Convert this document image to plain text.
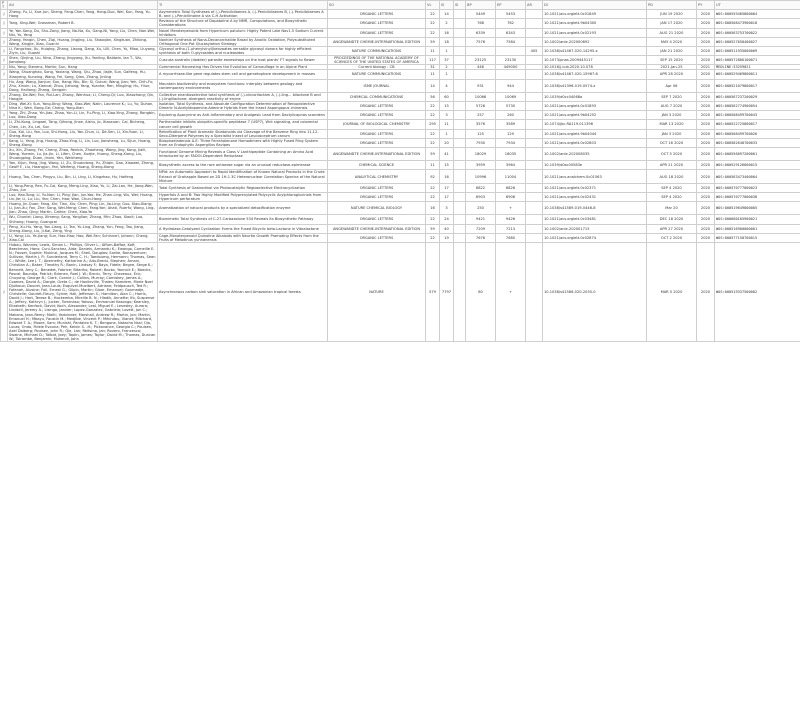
PT	AU	TI	SO	VL	IS	SI	BP	EP	AR	DI	PD	PY	UT
J	Zheng, Yu, Li, Xue-Jun, Sheng, Feng-Chen, Yang, Hong-Duo, Wei, Kun, Yang, Yu-Hong	Asymmetric Total Syntheses of (-)-Penicibilaenes A, (-)-Penicibilaenes B, (-)-Penicibilaenes A B, and (-)-Penicillinaine A via C-H Activation	ORGANIC LETTERS	22	14		5449	5453		10.1021/acs.orglett.0c01849	JUN 19 2020	2020	WOS:000559485800004
J	Tang, Xing-Wei; Grossman, Robert B.	Revision of the Structure of Dopatoline A by NMR, Computations, and Biosynthetic Considerations	ORGANIC LETTERS	22	2		768	762		10.1021/acs.orglett.9b04300	JAN 17 2020	2020	WOS:000508473900018
J	Ye, Yan-Song, Du, Shu-Zong, Jiang, Na-Na, Xu, Gang-Ni, Yang, Liu, Chen, Nan-Wei, Niu, Yu, Yang	Novel Meroterpenoids from Hypericum patulum: Highly Potent Late Nav1.5 Sodium Current Inhibitors	ORGANIC LETTERS	22	16		6339	6343		10.1021/acs.orglett.0c02193	AUG 21 2020	2020	WOS:000563753700022
J	Zhang, Yanqin, Chen, Ziqi, Huang, Jingjing, Liu, Shaoqian, Xingkuan, Zhibing, Wang, Xingjie, Xiao, Guanhi	Nonhier Synthesis of Nona-Decanorchalide Broad by Anodic Oxidation, Polysubstituted Orthogonal One-Pot Glucosylation Strategy	ANGEWANDTE CHEMIE-INTERNATIONAL EDITION	59	18		7576	7584		10.1002/anie.202000692	MAY 4 2020	2020	WOS:000527658400027
J	Li, Fangchao, Xu, Huiqing, Zhang, Lisong, Dang, Xu, Lilli, Chen, Yu, Miao, Liuyang, Ziyin, Liu, Guoshi	Glycosyl ortho-(1-phenylvinyl)benzoates versatile glycosyl donors for highly efficient synthesis of both O-glycosides and nucleosides	NATURE COMMUNICATIONS	11	1				405	10.1038/s41467-020-14295-x	JAN 21 2020	2020	WOS:000511935000009
J	Shen, Qinjing, Liu, Nina, Zhang, Jingyong, Xu, Yanling, Baldwin, Ian T., Wu, Jianqiang	Cuscuta australis (dodder) parasite eavesdrops on the host plants' FT signals to flower	PROCEEDINGS OF THE NATIONAL ACADEMY OF SCIENCES OF THE UNITED STATES OF AMERICA	117	37		23125	23130		10.1073/pnas.2009445117	SEP 15 2020	2020	WOS:000572806100071
J	Niu, Yang; Stevens, Martin; Sun, Hang	Commercial Harvesting Has Driven the Evolution of Camouflage in an Alpine Plant	Current biology : CB	31	2		446	449000		10.1016/j.cub.2020.10.078	2021-Jan-25	2021	MEDLINE:33259021
J	Wang, Shuanghao, Song, Yaxiang, Wang, Qiu, Zhao, Jiajie, Sun, Gaifeng, Hu, Xiaoyeng, Kunxing, Wang, Fei, Song, Qian, Zhang, Jinling	A mycorrhizae-like gene regulates stem cell and gametophore development in mosses	NATURE COMMUNICATIONS	11	1					10.1038/s41467-020-15967-6	APR 28 2020	2020	WOS:000529469800011
J	Hu, Ang; Wang, Jianjun; Sun, Hang; Niu, Bin; Si, Guicai; Wang, Jian; Yeh, Chih-Fu; Zhu, Xinxin; Lu, Xiancai; Zhou, Jizhong; Yang, Yuanhe; Ren, Mingling; Hu, Yilun; Dong, Hailiang; Zhang, Gengxin	Mountain biodiversity and ecosystem functions: interplay between geology and contemporary environments	ISME JOURNAL	14	4		931	944		10.1038/s41396-019-0574-x	Apr 06	2020	WOS:000521079800017
J	Zhang, De-Wei; Fan, Rui-Lan; Zhang, Wenhua; Li, Cheng-Qi; Luo, Xiaozhong; Qin, Hongjie	Collective enantioselective total synthesis of (-)-vincorilactam A, (-)-ling... bilactone B and (-)-linglilactone: divergent reactivity of enyne	CHEMICAL COMMUNICATIONS	56	60		10066	10069		10.1039/d0cc04068a	SEP 7 2020	2020	WOS:000567237200029
J	Ding, Wei-Xi; Sun, Yong-Xing; Wang, Xiao-Wei; Nalin, Laurence K.; Lu, Yu; Duhan, Nina K.; Wen, Bong-Ge; Cheng, Yong-Xian	Isolation, Total Synthesis, and Absolute Configuration Determination of Renoprotective Dimeric N-Acetyldopamine-Adenine Hybrids from the Insect Aspongopus chinensis	ORGANIC LETTERS	22	15		5726	5730		10.1021/acs.orglett.0c01893	AUG 7 2020	2020	WOS:000562774900054
J	Yang, Zhi, Zhao, Yin-Jiao, Zhao, Yun-Li, Lin, Fu-Ping, Li, Xiao-Ying, Zhang, Rongbin, Luo, Xiao-Dong	Exploring Apocynine as Anti-Inflammatory and Analgesic Lead from Dactylicapnos scandens	ORGANIC LETTERS	22	3		257	260		10.1021/acs.orglett.9b04252	JAN 3 2020	2020	WOS:000508499700043
J	Li, Zhi-Kong, Lingwei, Tang, Qihong, Jinxe, Aishu, Jo, Xiaoxuan, Cai, Bicheng, Chen, Lin, Xu, Lei, Sun	Parthenolide inhibits ubiquitin-specific peptidase 7 (USP7), Wnt signaling, and colorectal cancer cell growth	JOURNAL OF BIOLOGICAL CHEMISTRY	295	11		3576	3589		10.1074/jbc.RA119.011396	MAR 13 2020	2020	WOS:000522725800017
J	Guo, Kai, Liu, Yan, Luo, Shi-Hong, Liu, Yan-Chun, Li, De-Sen, Li, Xin-Yuan, Li, Sheng-Hong	Retrofication of Plant Aromatic Sklatonoids via Cleavage of the Benzene Ring into 11,12-Seco-Diterpene Polyenes by a Specialist Insect of Leucosceptrum canum	ORGANIC LETTERS	22	1		125	129		10.1021/acs.orglett.9b04044	JAN 3 2020	2020	WOS:000508499700026
J	Kang, Li, Yang, Jing, Huang, Zhao-Ying, Li, Lin, Luo, Jiansheng, Lu, Sijun, Huang, Sheng-Xiong	Biosphaeladenols A-E: Three Ferrahalenone Homodimers with Highly Fused Ring System from an Endophytic Aspergillus flavipes	ORGANIC LETTERS	22	20		7930	7934		10.1021/acs.orglett.0c02803	OCT 16 2020	2020	WOS:000582648700033
J	Xu, Xin, Zhang, Fei, Cheng, Zhao, Renbin, Zhaoheng, Wang, Jing, Kong, Jialli, Wang, Yuemin, Lu, Jia-Jin, Li, Lifen, Chen, Xuejie, Huang, Sheng-Xiong, Liu, Shuangping, Duan, Jinxin, Yan, Weicheng	Functional Genome Mining Reveals a Class V Lanthipeptide Containing an Amino Acid Introduced by an FADOI-Dependent Reductase	ANGEWANDTE CHEMIE-INTERNATIONAL EDITION	59	41		18029	18035		10.1002/anie.202008035	OCT 5 2020	2020	WOS:000556097200001
J	Yan, Xijun, Yang, Jing, Wang, Li, Zu, Shuandong, Yu, Zhiqin, Gao, Xiaowei, Zheng, Geoff F., Liu, Hoangjun, Yan, Weifeng, Huang, Sheng-Xiong	Biosynthetic access to the rare antiarose sugar via an unusual reductase-epimerase	CHEMICAL SCIENCE	11	15		3959	3964		10.1039/d0sc00583e	APR 21 2020	2020	WOS:000529126600015
J	Huang, Tao, Chen, Pingyu, Liu, Bin, Li, Ling, Li, Kingzhao, Hu, Haifeng	NPid: an Automatic Approach to Rapid Identification of Known Natural Products in the Crude Extract of Grahapple Based on 2D 1H-1 3C Heteronuclear Correlation Spectra of the Natural Mixture	ANALYTICAL CHEMISTRY	92	16		10996	11004		10.1021/acs.analchem.0c01563	AUG 18 2020	2020	WOS:000563473400004
J	Li, Yong-Peng, Ren, Fu-Cai, Kang, Meng-Ling, Xiao, Yu, Li, Zai-Lan, He, Jiang-Wen, Zhou, Jun	Total Synthesis of Gastrodinol via Photocatalytic Regioselective Electrocyclization	ORGANIC LETTERS	22	17		6822	6826		10.1021/acs.orglett.0c02371	SEP 4 2020	2020	WOS:000570777000023
J	Luo, Hao-Tong; Li, Yu-Nan; Li, Ping; Jian, Jun-Yao; He, Zhan-Ling; Wu, Wei; Huang, Lin-Jie; Li, Lu; Liu, Yan; Chen, Hao; Wan, Chun-Hong	Hyperfols A and B: Two Highly Modified Polyprenylated Polycyclic Acylphloroglucinols from Hypericum perforatum	ORGANIC LETTERS	22	17		6903	6906		10.1021/acs.orglett.0c02431	SEP 4 2020	2020	WOS:000570777000038
J	Huang, Jin-Quan; Fang, Xin; Tian, Xiu; Chen, Ping; Lin, Jia-Ling; Guo, Xiao-Xiang; Li, Jian-Xu; Fan, Zhe; Song, Wei-Meng; Chen, Fang-Yan; Ahati, Ruerfu; Wang, Ling-Jian; Zhao, Qing; Martin, Cathie; Chen, Xiao-Ya	Aromatization of natural products by a specialized detoxification enzyme	NATURE CHEMICAL BIOLOGY	16	3		250	+		10.1038/s41589-019-0446-8	Mar 20	2020	WOS:000519649800005
J	Wu, Chunlei; Liang, Ximeng; Sang, Yonglian; Zhang, Min; Zhao, Xiaoli; Luo, Shihong; Huang, Guangcai	Biomimetic Total Synthesis of C-27-Carbazolone 534 Reveals Its Biosynthetic Pathway	ORGANIC LETTERS	22	24		9421	9426		10.1021/acs.orglett.0c03481	DEC 18 2020	2020	WOS:000600105900021
J	Peng, Xu-Hu, Yang, Yan-Liang, Li, Tan, Yu-Ling, Zhang, Yun, Feng, Tao, Jiang, Sheng-Xiong, Liu, Ji-Kai, Zeng, Ying	A Hydrolase-Catalyzed Cyclization Forms the Fused Bicyclic beta-Lactone in Vibralactone	ANGEWANDTE CHEMIE-INTERNATIONAL EDITION	59	40		7209	7213		10.1002/anie.202001715	APR 27 2020	2020	WOS:000516900000001
J	Li, Yong; Liu, Ye-Jiang; Sun, Hao-Hao; Hao, Wei-Fan; Schinnerl, Johann; Cheng, Xiao-Cai	Cage-Monoterpenoid Quinoline Alkaloids with Neurite Growth Promoting Effects from the Fruits of Melodinus yunnanensis	ORGANIC LETTERS	22	19		7676	7680		10.1021/acs.orglett.0c02874	OCT 2 2020	2020	WOS:000577158700015
J	Hubau, Wannes; Lewis, Simon L.; Phillips, Oliver L.; Affum-Baffoe, Kofi; Beeckman, Hans; Cuni-Sanchez, Aida; Daniels, Armandu K.; Ewango, Corneille E. N.; Fauset, Sophie; Mukinzi, Jacques M.; Sheil, Douglas; Sonke, Bonaventure; Sullivan, Martin J. P.; Sunderland, Terry C. H.; Taedoumg, Hermann; Thomas, Sean C.; White, Lee J. T.; Abernethy, Katharine A.; Adu-Bredu, Stephen; Amani, Christian A.; Baker, Timothy R.; Banin, Lindsay F.; Baya, Fidele; Begne, Serge K.; Bennett, Amy C.; Benedet, Fabrice; Bitariho, Robert; Bocko, Yannick E.; Boeckx, Pascal; Boundja, Patrick; Brienen, Roel J. W.; Brncic, Terry; Chezeaux, Eric; Chuyong, George B.; Clark, Connie J.; Collins, Murray; Comiskey, James A.; Coomes, David A.; Dargie, Greta C.; de Haulleville, Thales; Kamdem, Marie Noel Djuikouo; Doucet, Jean-Louis; Esquivel-Muelbert, Adriane; Feldpausch, Ted R.; Fofanah, Alusine; Foli, Ernest G.; Gilpin, Martin; Gloor, Emanuel; Gonmadje, Christelle; Gourlet-Fleury, Sylvie; Hall, Jefferson S.; Hamilton, Alan C.; Harris, David J.; Hart, Terese B.; Hockemba, Mireille B. N.; Hladik, Annette; Ifo, Suspense A.; Jeffery, Kathryn J.; Jucker, Tommaso; Yakusu, Emmanuel Kasongo; Kearsley, Elizabeth; Kenfack, David; Koch, Alexander; Leal, Miguel E.; Levesley, Aurora; Lindsell, Jeremy A.; Lisingo, Janvier; Lopez-Gonzalez, Gabriela; Lovett, Jon C.; Makana, Jean-Remy; Malhi, Yadvinder; Marshall, Andrew R.; Martin, Jon; Martin, Emanuel H.; Mbayu, Faustin M.; Medjibe, Vincent P.; Mihindou, Vianet; Mitchard, Edward T. A.; Moore, Sam; Munishi, Pantaleo K. T.; Bengone, Natacha Nssi; Ojo, Lucas; Ondo, Fidele Evouna; Peh, Kelvin S. -H.; Pickavance, Georgia C.; Poulsen, Axel Dalberg; Poulsen, John R.; Qie, Lan; Reitsma, Jan; Rovero, Francesco; Swaine, Michael D.; Talbot, Joey; Taplin, James; Taylor, David M.; Thomas, Duncan W.; Toirambe, Benjamin; Mukendi, John	Asynchronous carbon sink saturation in African and Amazonian tropical forests	NATURE	579	7797		80	+		10.1038/s41586-020-2035-0	MAR 5 2020	2020	WOS:000519337500002
